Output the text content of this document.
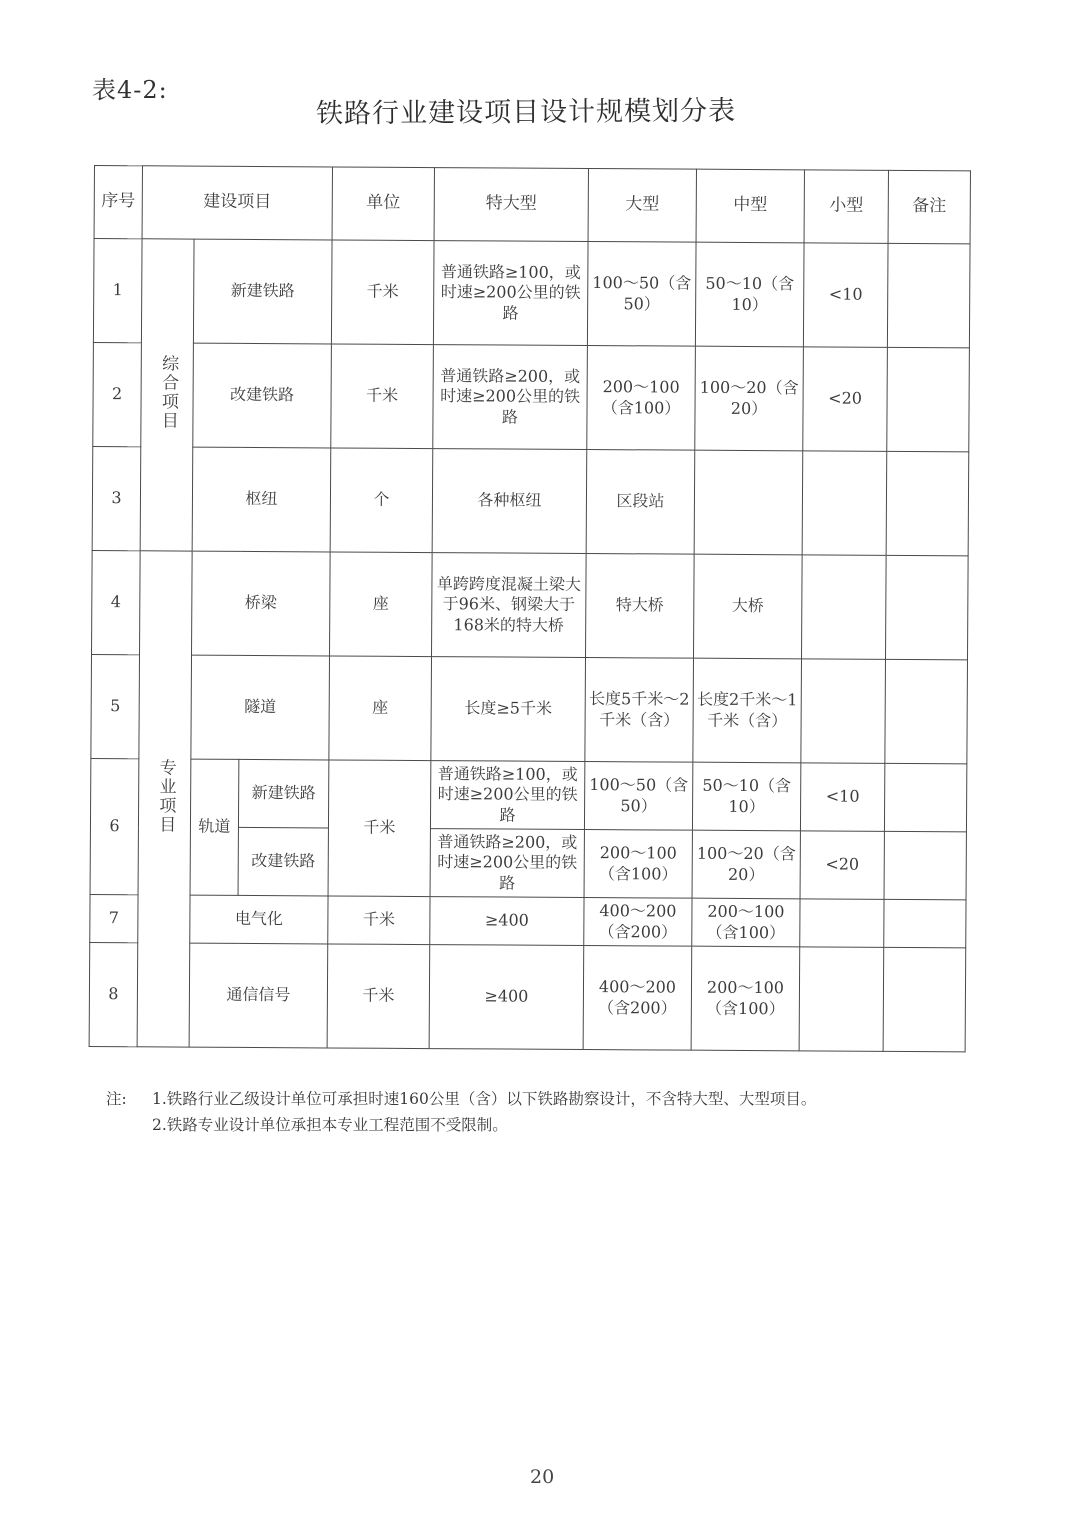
表4-2:
铁路行业建设项目设计规模划分表
序号	建设项目			单位	特大型	大型	中型	小型	备注
1	综合项目	新建铁路		千米	普通铁路≥100，或时速≥200公里的铁路	100～50（含50）	50～10（含10）	<10	
2		改建铁路		千米	普通铁路≥200，或时速≥200公里的铁路	200～100（含100）	100～20（含20）	<20	
3		枢纽		个	各种枢纽	区段站			
4	专业项目	桥梁		座	单跨跨度混凝土梁大于96米、钢梁大于168米的特大桥	特大桥	大桥		
5		隧道		座	长度≥5千米	长度5千米～2千米（含）	长度2千米～1千米（含）		
6		轨道	新建铁路	千米	普通铁路≥100，或时速≥200公里的铁路	100～50（含50）	50～10（含10）	<10	
			改建铁路		普通铁路≥200，或时速≥200公里的铁路	200～100（含100）	100～20（含20）	<20	
7		电气化		千米	≥400	400～200（含200）	200～100（含100）		
8		通信信号		千米	≥400	400～200（含200）	200～100（含100）		
注: 1.铁路行业乙级设计单位可承担时速160公里（含）以下铁路勘察设计，不含特大型、大型项目。
2.铁路专业设计单位承担本专业工程范围不受限制。
20
